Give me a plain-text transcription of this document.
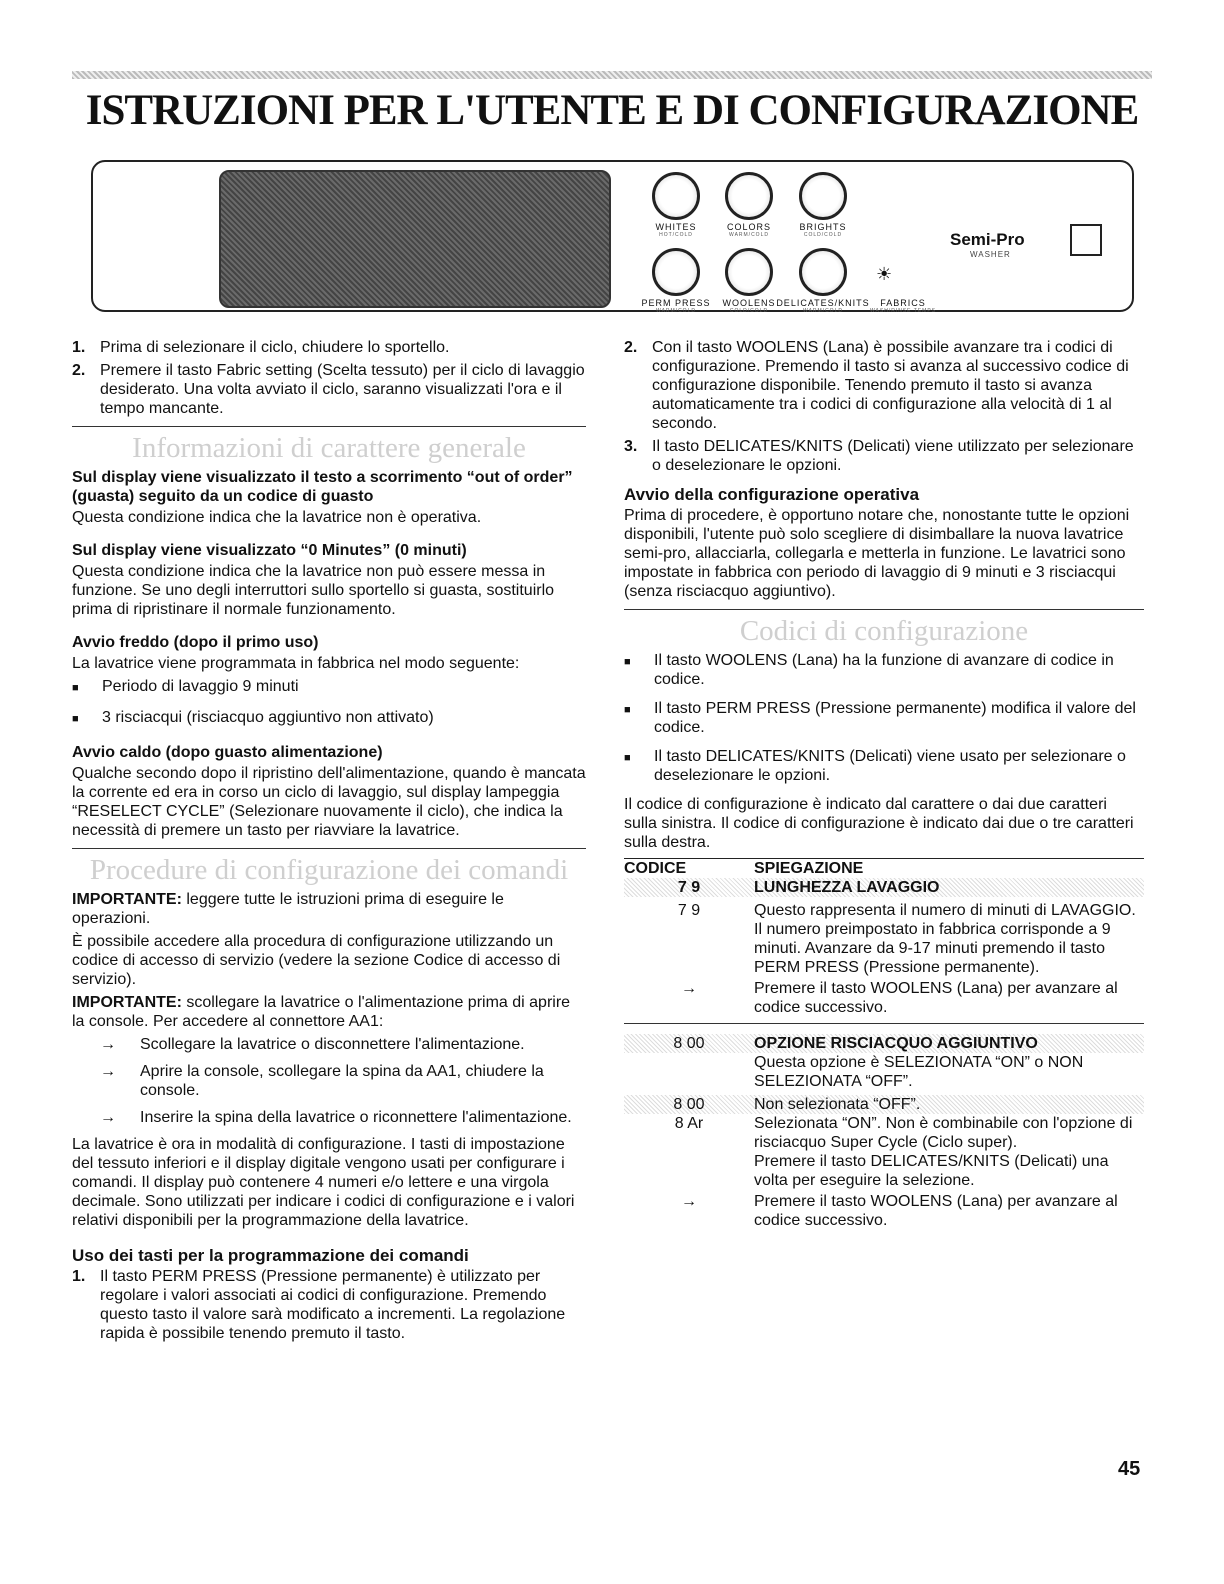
ISTRUZIONI PER L'UTENTE E DI CONFIGURAZIONE
WHITES
HOT/COLD
COLORS
WARM/COLD
BRIGHTS
COLD/COLD
PERM PRESS
WARM/COLD
WOOLENS
COLD/COLD
DELICATES/KNITS
WARM/COLD
☀
FABRICS
WASH/RINSE TEMPS
Semi-Pro
WASHER
1. Prima di selezionare il ciclo, chiudere lo sportello.
2. Premere il tasto Fabric setting (Scelta tessuto) per il ciclo di lavaggio desiderato. Una volta avviato il ciclo, saranno visualizzati l'ora e il tempo mancante.
Informazioni di carattere generale
Sul display viene visualizzato il testo a scorrimento “out of order” (guasta) seguito da un codice di guasto

Questa condizione indica che la lavatrice non è operativa.

Sul display viene visualizzato “0 Minutes” (0 minuti)

Questa condizione indica che la lavatrice non può essere messa in funzione. Se uno degli interruttori sullo sportello si guasta, sostituirlo prima di ripristinare il normale funzionamento.

Avvio freddo (dopo il primo uso)

La lavatrice viene programmata in fabbrica nel modo seguente:

■	Periodo di lavaggio 9 minuti
■	3 risciacqui (risciacquo aggiuntivo non attivato)
Avvio caldo (dopo guasto alimentazione)

Qualche secondo dopo il ripristino dell'alimentazione, quando è mancata la corrente ed era in corso un ciclo di lavaggio, sul display lampeggia “RESELECT CYCLE” (Selezionare nuovamente il ciclo), che indica la necessità di premere un tasto per riavviare la lavatrice.

Procedure di configurazione dei comandi

IMPORTANTE: leggere tutte le istruzioni prima di eseguire le operazioni.

È possibile accedere alla procedura di configurazione utilizzando un codice di accesso di servizio (vedere la sezione Codice di accesso di servizio).

IMPORTANTE: scollegare la lavatrice o l'alimentazione prima di aprire la console. Per accedere al connettore AA1:

→	Scollegare la lavatrice o disconnettere l'alimentazione.
→	Aprire la console, scollegare la spina da AA1, chiudere la console.
→	Inserire la spina della lavatrice o riconnettere l'alimentazione.

La lavatrice è ora in modalità di configurazione. I tasti di impostazione del tessuto inferiori e il display digitale vengono usati per configurare i comandi. Il display può contenere 4 numeri e/o lettere e una virgola decimale. Sono utilizzati per indicare i codici di configurazione e i valori relativi disponibili per la programmazione della lavatrice.

Uso dei tasti per la programmazione dei comandi
1. Il tasto PERM PRESS (Pressione permanente) è utilizzato per regolare i valori associati ai codici di configurazione. Premendo questo tasto il valore sarà modificato a incrementi. La regolazione rapida è possibile tenendo premuto il tasto.
2. Con il tasto WOOLENS (Lana) è possibile avanzare tra i codici di configurazione. Premendo il tasto si avanza al successivo codice di configurazione disponibile. Tenendo premuto il tasto si avanza automaticamente tra i codici di configurazione alla velocità di 1 al secondo.
3. Il tasto DELICATES/KNITS (Delicati) viene utilizzato per selezionare o deselezionare le opzioni.
Avvio della configurazione operativa

Prima di procedere, è opportuno notare che, nonostante tutte le opzioni disponibili, l'utente può solo scegliere di disimballare la nuova lavatrice semi-pro, allacciarla, collegarla e metterla in funzione. Le lavatrici sono impostate in fabbrica con periodo di lavaggio di 9 minuti e 3 risciacqui (senza risciacquo aggiuntivo).

Codici di configurazione
■	Il tasto WOOLENS (Lana) ha la funzione di avanzare di codice in codice.
■	Il tasto PERM PRESS (Pressione permanente) modifica il valore del codice.
■	Il tasto DELICATES/KNITS (Delicati) viene usato per selezionare o deselezionare le opzioni.

Il codice di configurazione è indicato dal carattere o dai due caratteri sulla sinistra. Il codice di configurazione è indicato dai due o tre caratteri sulla destra.

CODICE	SPIEGAZIONE
7 9	LUNGHEZZA LAVAGGIO
7 9	Questo rappresenta il numero di minuti di LAVAGGIO. Il numero preimpostato in fabbrica corrisponde a 9 minuti. Avanzare da 9-17 minuti premendo il tasto PERM PRESS (Pressione permanente).
→	Premere il tasto WOOLENS (Lana) per avanzare al codice successivo.
8 00	OPZIONE RISCIACQUO AGGIUNTIVO
Questa opzione è SELEZIONATA “ON” o NON SELEZIONATA “OFF”.
8 00	Non selezionata “OFF”.
8 Ar	Selezionata “ON”. Non è combinabile con l'opzione di risciacquo Super Cycle (Ciclo super).
Premere il tasto DELICATES/KNITS (Delicati) una volta per eseguire la selezione.
→	Premere il tasto WOOLENS (Lana) per avanzare al codice successivo.
45
